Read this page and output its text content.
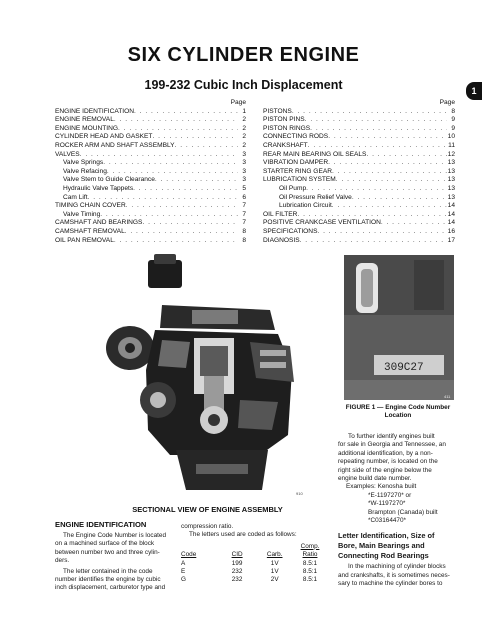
SIX CYLINDER ENGINE
199-232 Cubic Inch Displacement	1
Page
ENGINE IDENTIFICATION . . .	1
ENGINE REMOVAL . . .	2
ENGINE MOUNTING . . .	2
CYLINDER HEAD AND GASKET . . .	2
ROCKER ARM AND SHAFT ASSEMBLY . . .	2
VALVES . . .	3
Valve Springs . . .	3
Valve Refacing . . .	3
Valve Stem to Guide Clearance . . .	3
Hydraulic Valve Tappets . . .	5
Cam Lift . . .	6
TIMING CHAIN COVER . . .	7
Valve Timing . . .	7
CAMSHAFT AND BEARINGS . . .	7
CAMSHAFT REMOVAL . . .	8
OIL PAN REMOVAL . . .	8
Page
PISTONS . . .	8
PISTON PINS . . .	9
PISTON RINGS . . .	9
CONNECTING RODS . . .	10
CRANKSHAFT . . .	11
REAR MAIN BEARING OIL SEALS . . .	12
VIBRATION DAMPER . . .	13
STARTER RING GEAR . . .	13
LUBRICATION SYSTEM . . .	13
Oil Pump . . .	13
Oil Pressure Relief Valve . . .	13
Lubrication Circuit . . .	14
OIL FILTER . . .	14
POSITIVE CRANKCASE VENTILATION . . .	14
SPECIFICATIONS . . .	16
DIAGNOSIS . . .	17
910
SECTIONAL VIEW OF ENGINE ASSEMBLY
309C27
411
FIGURE 1 — Engine Code Number
Location
To further identify engines built
for sale in Georgia and Tennessee, an
additional identification, by a non-
repeating number, is located on the
right side of the engine below the
engine build date number.
Examples: Kenosha built
*E-1197270* or
*W-1197270*
Brampton (Canada) built
*C03164470*
Letter Identification, Size of
Bore, Main Bearings and
Connecting Rod Bearings
In the machining of cylinder blocks
and crankshafts, it is sometimes neces-
sary to machine the cylinder bores to
ENGINE IDENTIFICATION
The Engine Code Number is located
on a machined surface of the block
between number two and three cylin-
ders.
The letter contained in the code
number identifies the engine by cubic
inch displacement, carburetor type and
compression ratio.
The letters used are coded as follows:
Code	CID	Carb.	Comp. Ratio
A	199	1V	8.5:1
E	232	1V	8.5:1
G	232	2V	8.5:1
